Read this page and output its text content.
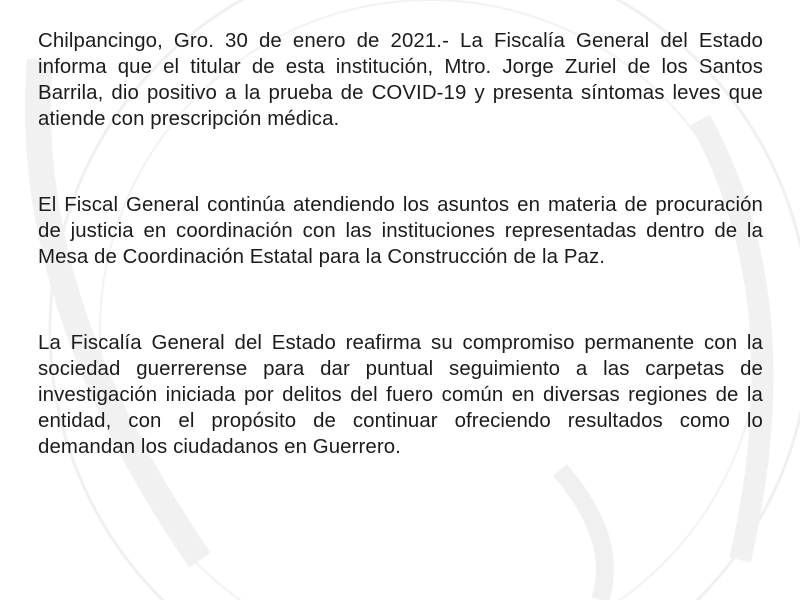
Chilpancingo, Gro. 30 de enero de 2021.- La Fiscalía General del Estado informa que el titular de esta institución, Mtro. Jorge Zuriel de los Santos Barrila, dio positivo a la prueba de COVID-19 y presenta síntomas leves que atiende con prescripción médica.

El Fiscal General continúa atendiendo los asuntos en materia de procuración de justicia en coordinación con las instituciones representadas dentro de la Mesa de Coordinación Estatal para la Construcción de la Paz.

La Fiscalía General del Estado reafirma su compromiso permanente con la sociedad guerrerense para dar puntual seguimiento a las carpetas de investigación iniciada por delitos del fuero común en diversas regiones de la entidad, con el propósito de continuar ofreciendo resultados como lo demandan los ciudadanos en Guerrero.
